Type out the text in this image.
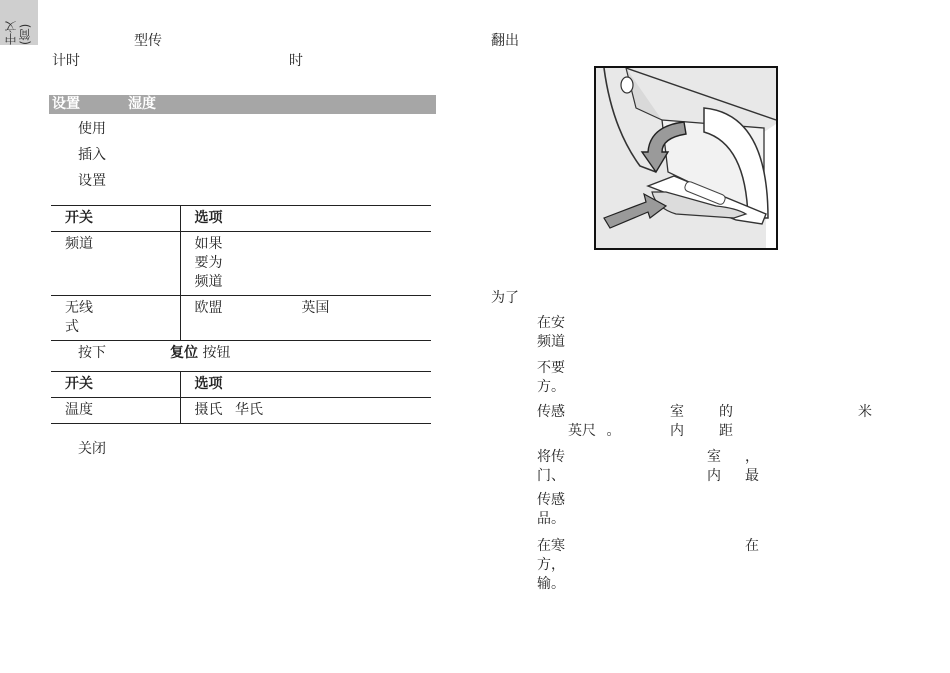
中文(简)	型传
计时	时
设置	湿度
使用
插入
设置
开关	选项

频道	如果
要为
频道

无线
式	欧盟 英国
按下	复位 按钮
开关	选项
温度	摄氏 华氏
关闭
翻出
为了
在安
频道
不要
方。
传感	室内
的距
米
英尺 。
将传	室内
，最
门、
传感
品。
在寒	在
方，
输。
